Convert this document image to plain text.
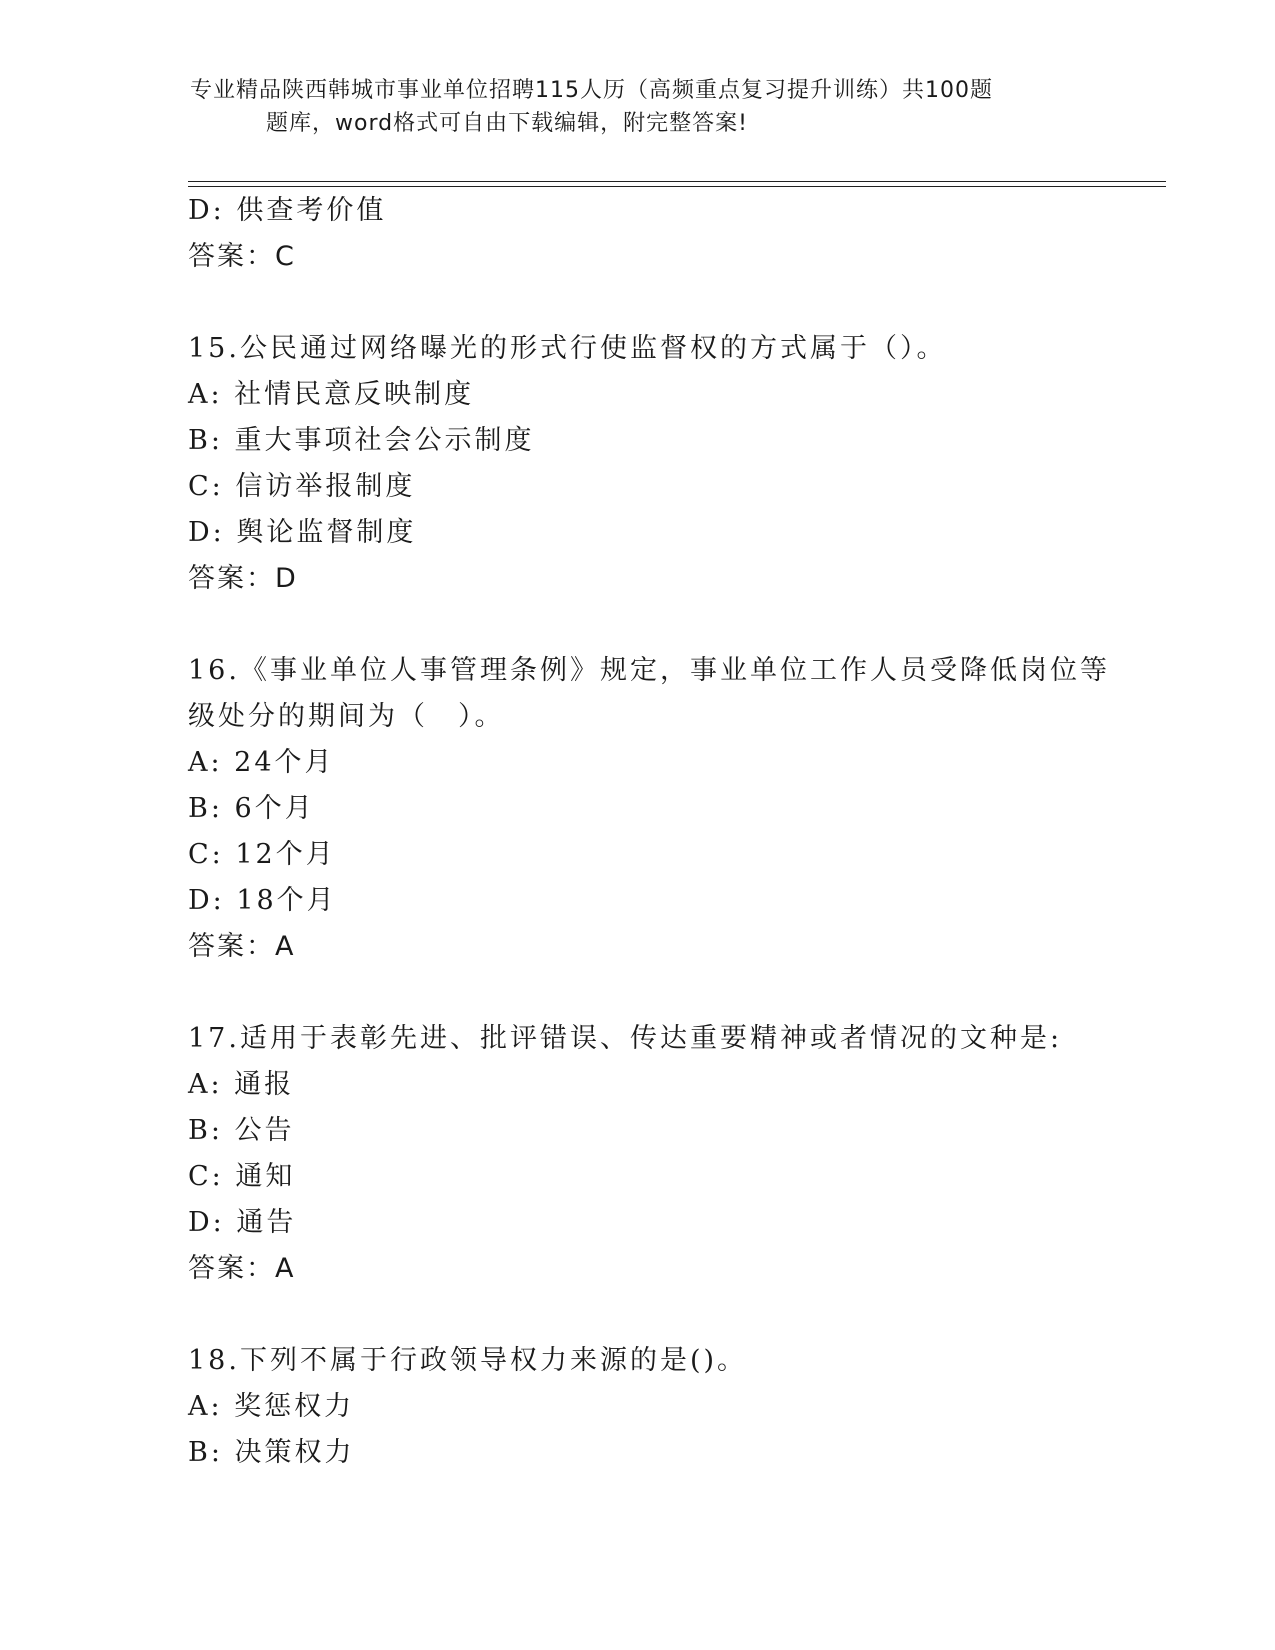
专业精品陕西韩城市事业单位招聘115人历（高频重点复习提升训练）共100题
题库，word格式可自由下载编辑，附完整答案!
D: 供查考价值
答案：C
15.公民通过网络曝光的形式行使监督权的方式属于（）。
A: 社情民意反映制度
B: 重大事项社会公示制度
C: 信访举报制度
D: 舆论监督制度
答案：D
16.《事业单位人事管理条例》规定，事业单位工作人员受降低岗位等
级处分的期间为（　）。
A: 24个月
B: 6个月
C: 12个月
D: 18个月
答案：A
17.适用于表彰先进、批评错误、传达重要精神或者情况的文种是:
A: 通报
B: 公告
C: 通知
D: 通告
答案：A
18.下列不属于行政领导权力来源的是()。
A: 奖惩权力
B: 决策权力
